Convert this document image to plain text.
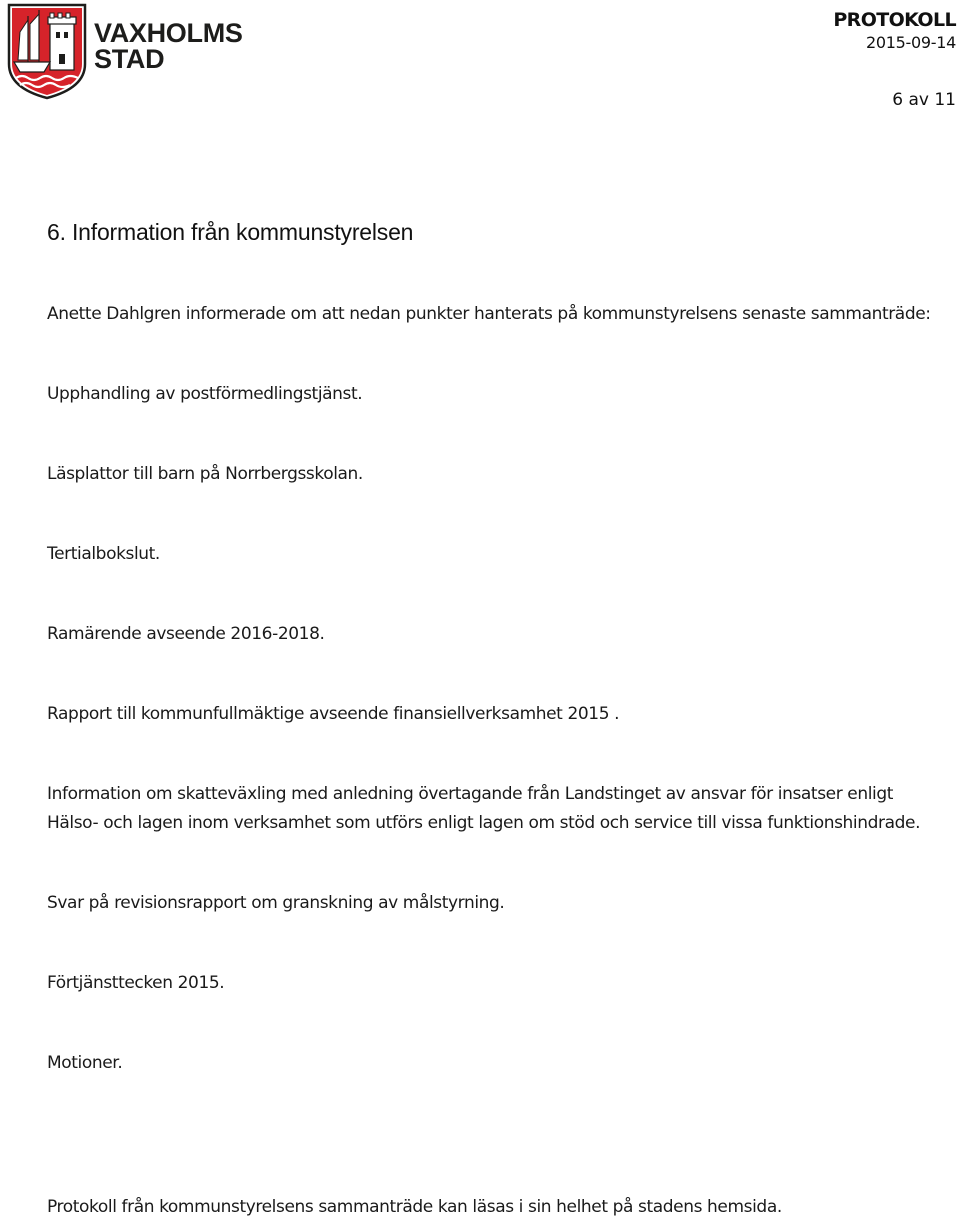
VAXHOLMS
STAD
PROTOKOLL
2015-09-14
6 av 11
6. Information från kommunstyrelsen

Anette Dahlgren informerade om att nedan punkter hanterats på kommunstyrelsens senaste sammanträde:

Upphandling av postförmedlingstjänst.

Läsplattor till barn på Norrbergsskolan.

Tertialbokslut.

Ramärende avseende 2016-2018.

Rapport till kommunfullmäktige avseende finansiellverksamhet 2015 .

Information om skatteväxling med anledning övertagande från Landstinget av ansvar för insatser enligt Hälso- och lagen inom verksamhet som utförs enligt lagen om stöd och service till vissa funktionshindrade.

Svar på revisionsrapport om granskning av målstyrning.

Förtjänsttecken 2015.

Motioner.

Protokoll från kommunstyrelsens sammanträde kan läsas i sin helhet på stadens hemsida.
